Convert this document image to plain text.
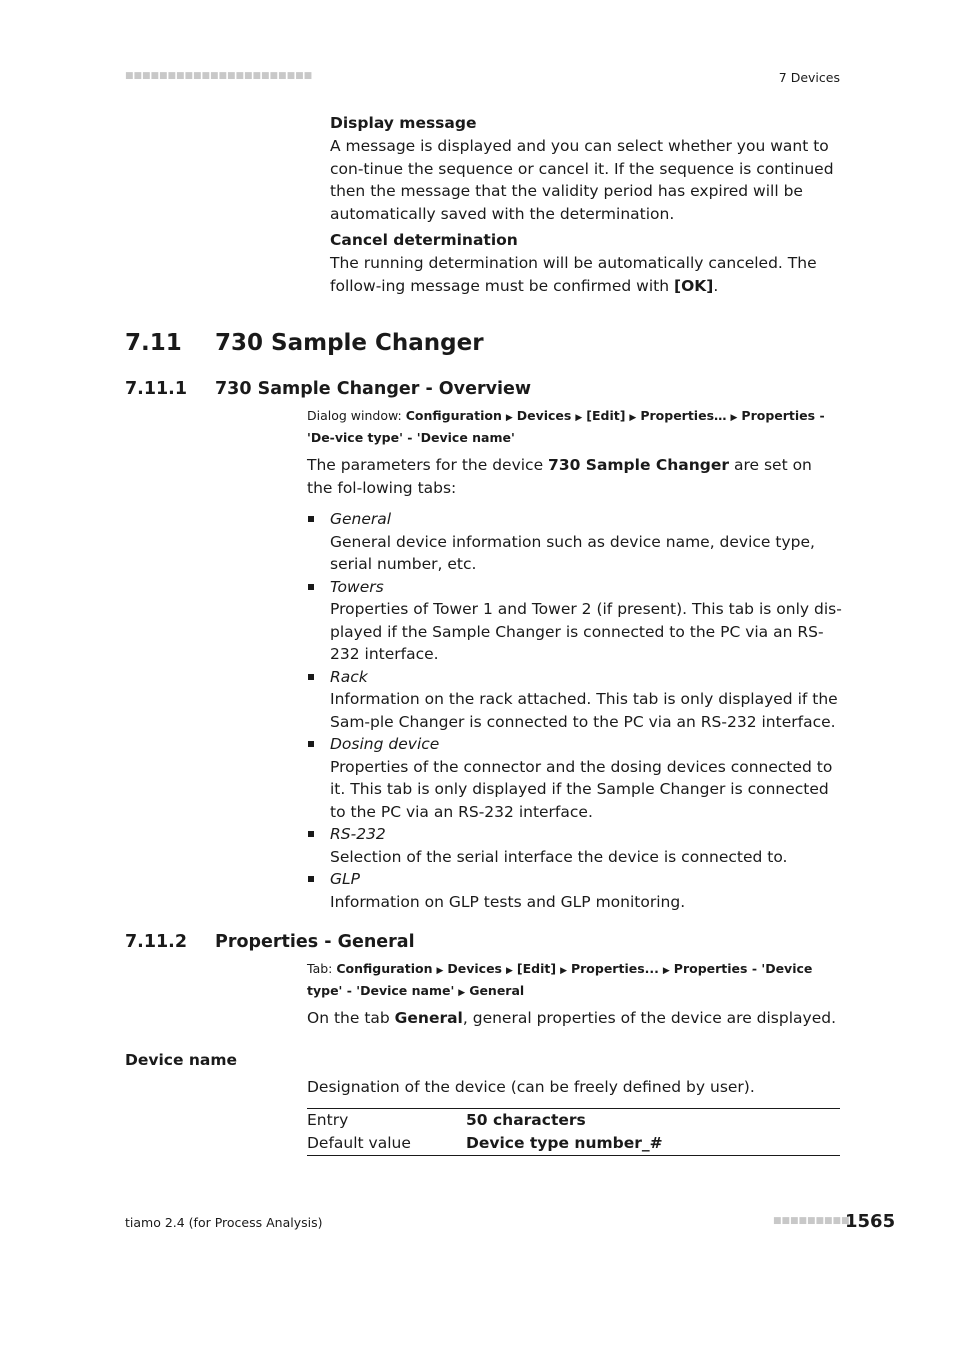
■■■■■■■■■■■■■■■■■■■■■■	7 Devices
Display message
A message is displayed and you can select whether you want to con-tinue the sequence or cancel it. If the sequence is continued then the message that the validity period has expired will be automatically saved with the determination.
Cancel determination
The running determination will be automatically canceled. The follow-ing message must be confirmed with [OK].
7.11 730 Sample Changer
7.11.1 730 Sample Changer - Overview
Dialog window: Configuration ▶ Devices ▶ [Edit] ▶ Properties… ▶ Properties - 'De-vice type' - 'Device name'
The parameters for the device 730 Sample Changer are set on the fol-lowing tabs:
General
General device information such as device name, device type, serial number, etc.
Towers
Properties of Tower 1 and Tower 2 (if present). This tab is only dis-played if the Sample Changer is connected to the PC via an RS-232 interface.
Rack
Information on the rack attached. This tab is only displayed if the Sam-ple Changer is connected to the PC via an RS-232 interface.
Dosing device
Properties of the connector and the dosing devices connected to it. This tab is only displayed if the Sample Changer is connected to the PC via an RS-232 interface.
RS-232
Selection of the serial interface the device is connected to.
GLP
Information on GLP tests and GLP monitoring.
7.11.2 Properties - General
Tab: Configuration ▶ Devices ▶ [Edit] ▶ Properties... ▶ Properties - 'Device type' - 'Device name' ▶ General
On the tab General, general properties of the device are displayed.
Device name
Designation of the device (can be freely defined by user).
Entry	50 characters
Default value	Device type number_#
tiamo 2.4 (for Process Analysis)	■■■■■■■■■
1565
